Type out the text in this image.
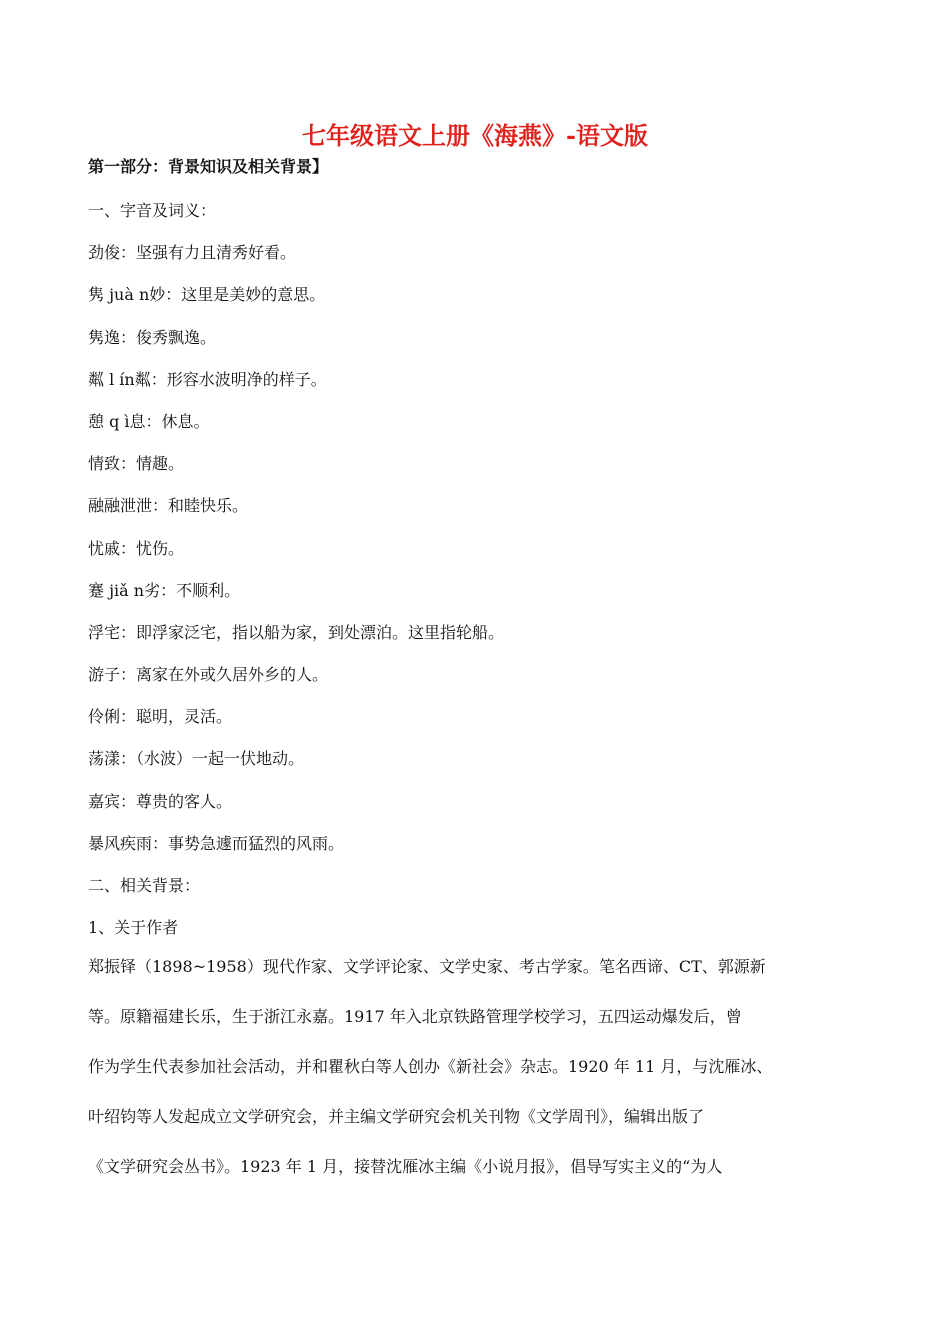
七年级语文上册《海燕》-语文版
第一部分：背景知识及相关背景】
一、字音及词义：
劲俊：坚强有力且清秀好看。
隽 juà n妙：这里是美妙的意思。
隽逸：俊秀飘逸。
粼 l ín粼：形容水波明净的样子。
憩 q ì息：休息。
情致：情趣。
融融泄泄：和睦快乐。
忧戚：忧伤。
蹇 jiǎ n劣：不顺利。
浮宅：即浮家泛宅，指以船为家，到处漂泊。这里指轮船。
游子：离家在外或久居外乡的人。
伶俐：聪明，灵活。
荡漾：（水波）一起一伏地动。
嘉宾：尊贵的客人。
暴风疾雨：事势急遽而猛烈的风雨。
二、相关背景：
1、关于作者
郑振铎（1898~1958）现代作家、文学评论家、文学史家、考古学家。笔名西谛、CT、郭源新
等。原籍福建长乐，生于浙江永嘉。1917 年入北京铁路管理学校学习，五四运动爆发后，曾
作为学生代表参加社会活动，并和瞿秋白等人创办《新社会》杂志。1920 年 11 月，与沈雁冰、
叶绍钧等人发起成立文学研究会，并主编文学研究会机关刊物《文学周刊》，编辑出版了
《文学研究会丛书》。1923 年 1 月，接替沈雁冰主编《小说月报》，倡导写实主义的“为人
